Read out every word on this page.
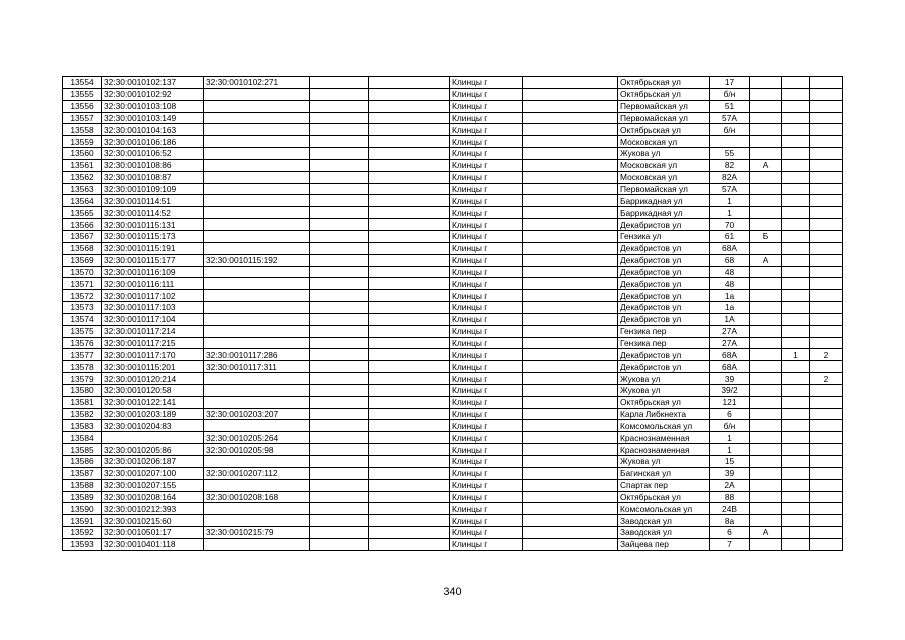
13554	32:30:0010102:137	32:30:0010102:271			Клинцы г		Октябрьская ул	17			
13555	32:30:0010102:92				Клинцы г		Октябрьская ул	б/н			
13556	32:30:0010103:108				Клинцы г		Первомайская ул	51			
13557	32:30:0010103:149				Клинцы г		Первомайская ул	57А			
13558	32:30:0010104:163				Клинцы г		Октябрьская ул	б/н			
13559	32:30:0010106:186				Клинцы г		Московская ул				
13560	32:30:0010106:52				Клинцы г		Жукова ул	55			
13561	32:30:0010108:86				Клинцы г		Московская ул	82	А		
13562	32:30:0010108:87				Клинцы г		Московская ул	82А			
13563	32:30:0010109:109				Клинцы г		Первомайская ул	57А			
13564	32:30:0010114:51				Клинцы г		Баррикадная ул	1			
13565	32:30:0010114:52				Клинцы г		Баррикадная ул	1			
13566	32:30:0010115:131				Клинцы г		Декабристов ул	70			
13567	32:30:0010115:173				Клинцы г		Гензика ул	61	Б		
13568	32:30:0010115:191				Клинцы г		Декабристов ул	68А			
13569	32:30:0010115:177	32:30:0010115:192			Клинцы г		Декабристов ул	68	А		
13570	32:30:0010116:109				Клинцы г		Декабристов ул	48			
13571	32:30:0010116:111				Клинцы г		Декабристов ул	48			
13572	32:30:0010117:102				Клинцы г		Декабристов ул	1а			
13573	32:30:0010117:103				Клинцы г		Декабристов ул	1а			
13574	32:30:0010117:104				Клинцы г		Декабристов ул	1А			
13575	32:30:0010117:214				Клинцы г		Гензика пер	27А			
13576	32:30:0010117:215				Клинцы г		Гензика пер	27А			
13577	32:30:0010117:170	32:30:0010117:286			Клинцы г		Декабристов ул	68А		1	2
13578	32:30:0010115:201	32:30:0010117:311			Клинцы г		Декабристов ул	68А			
13579	32:30:0010120:214				Клинцы г		Жукова ул	39			2
13580	32:30:0010120:58				Клинцы г		Жукова ул	39/2			
13581	32:30:0010122:141				Клинцы г		Октябрьская ул	121			
13582	32:30:0010203:189	32:30:0010203:207			Клинцы г		Карла Либкнехта	6			
13583	32:30:0010204:83				Клинцы г		Комсомольская ул	б/н			
13584		32:30:0010205:264			Клинцы г		Краснознаменная	1			
13585	32:30:0010205:86	32:30:0010205:98			Клинцы г		Краснознаменная	1			
13586	32:30:0010206:187				Клинцы г		Жукова ул	15			
13587	32:30:0010207:100	32:30:0010207:112			Клинцы г		Багинская ул	39			
13588	32:30:0010207:155				Клинцы г		Спартак пер	2А			
13589	32:30:0010208:164	32:30:0010208:168			Клинцы г		Октябрьская ул	88			
13590	32:30:0010212:393				Клинцы г		Комсомольская ул	24В			
13591	32:30:0010215:60				Клинцы г		Заводская ул	8а			
13592	32:30:0010501:17	32:30:0010215:79			Клинцы г		Заводская ул	6	А		
13593	32:30:0010401:118				Клинцы г		Зайцева пер	7			
340
